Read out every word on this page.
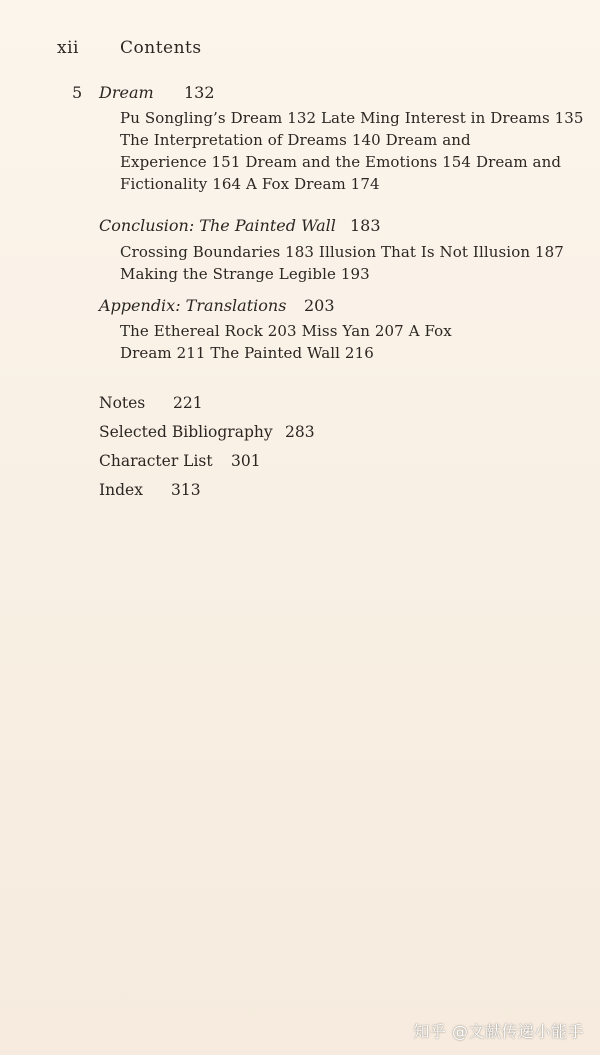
xii Contents
5 Dream 132
Pu Songling’s Dream 132 Late Ming Interest in Dreams 135
The Interpretation of Dreams 140 Dream and
Experience 151 Dream and the Emotions 154 Dream and
Fictionality 164 A Fox Dream 174
Conclusion: The Painted Wall 183
Crossing Boundaries 183 Illusion That Is Not Illusion 187
Making the Strange Legible 193
Appendix: Translations 203
The Ethereal Rock 203 Miss Yan 207 A Fox
Dream 211 The Painted Wall 216
Notes 221
Selected Bibliography 283
Character List 301
Index 313
知乎 @文献传递小能手
